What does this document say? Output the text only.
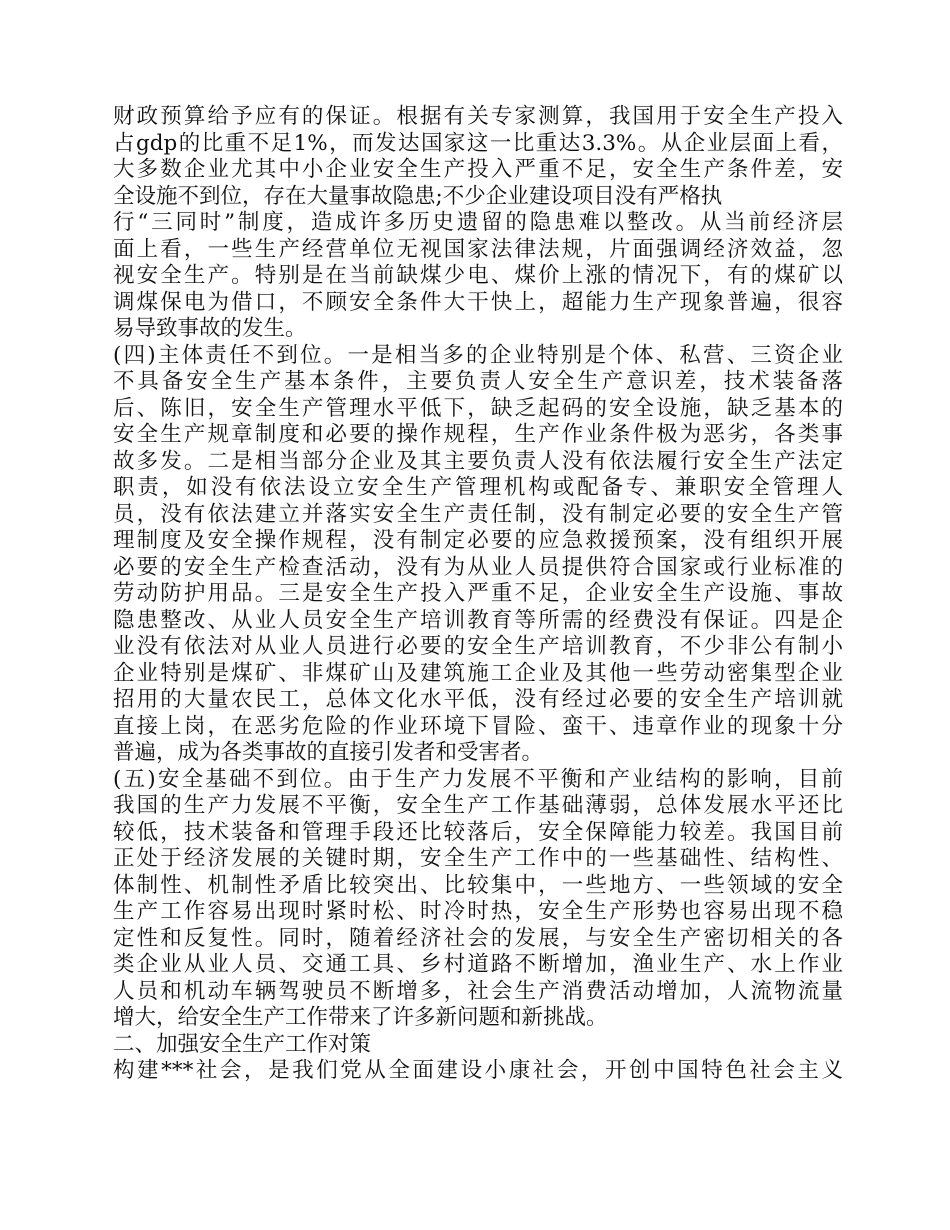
财政预算给予应有的保证。根据有关专家测算，我国用于安全生产投入
占gdp的比重不足1%，而发达国家这一比重达3.3%。从企业层面上看，
大多数企业尤其中小企业安全生产投入严重不足，安全生产条件差，安
全设施不到位，存在大量事故隐患;不少企业建设项目没有严格执
行“三同时”制度，造成许多历史遗留的隐患难以整改。从当前经济层
面上看，一些生产经营单位无视国家法律法规，片面强调经济效益，忽
视安全生产。特别是在当前缺煤少电、煤价上涨的情况下，有的煤矿以
调煤保电为借口，不顾安全条件大干快上，超能力生产现象普遍，很容
易导致事故的发生。
(四)主体责任不到位。一是相当多的企业特别是个体、私营、三资企业
不具备安全生产基本条件，主要负责人安全生产意识差，技术装备落
后、陈旧，安全生产管理水平低下，缺乏起码的安全设施，缺乏基本的
安全生产规章制度和必要的操作规程，生产作业条件极为恶劣，各类事
故多发。二是相当部分企业及其主要负责人没有依法履行安全生产法定
职责，如没有依法设立安全生产管理机构或配备专、兼职安全管理人
员，没有依法建立并落实安全生产责任制，没有制定必要的安全生产管
理制度及安全操作规程，没有制定必要的应急救援预案，没有组织开展
必要的安全生产检查活动，没有为从业人员提供符合国家或行业标准的
劳动防护用品。三是安全生产投入严重不足，企业安全生产设施、事故
隐患整改、从业人员安全生产培训教育等所需的经费没有保证。四是企
业没有依法对从业人员进行必要的安全生产培训教育，不少非公有制小
企业特别是煤矿、非煤矿山及建筑施工企业及其他一些劳动密集型企业
招用的大量农民工，总体文化水平低，没有经过必要的安全生产培训就
直接上岗，在恶劣危险的作业环境下冒险、蛮干、违章作业的现象十分
普遍，成为各类事故的直接引发者和受害者。
(五)安全基础不到位。由于生产力发展不平衡和产业结构的影响，目前
我国的生产力发展不平衡，安全生产工作基础薄弱，总体发展水平还比
较低，技术装备和管理手段还比较落后，安全保障能力较差。我国目前
正处于经济发展的关键时期，安全生产工作中的一些基础性、结构性、
体制性、机制性矛盾比较突出、比较集中，一些地方、一些领域的安全
生产工作容易出现时紧时松、时冷时热，安全生产形势也容易出现不稳
定性和反复性。同时，随着经济社会的发展，与安全生产密切相关的各
类企业从业人员、交通工具、乡村道路不断增加，渔业生产、水上作业
人员和机动车辆驾驶员不断增多，社会生产消费活动增加，人流物流量
增大，给安全生产工作带来了许多新问题和新挑战。
二、加强安全生产工作对策
构建***社会，是我们党从全面建设小康社会，开创中国特色社会主义
